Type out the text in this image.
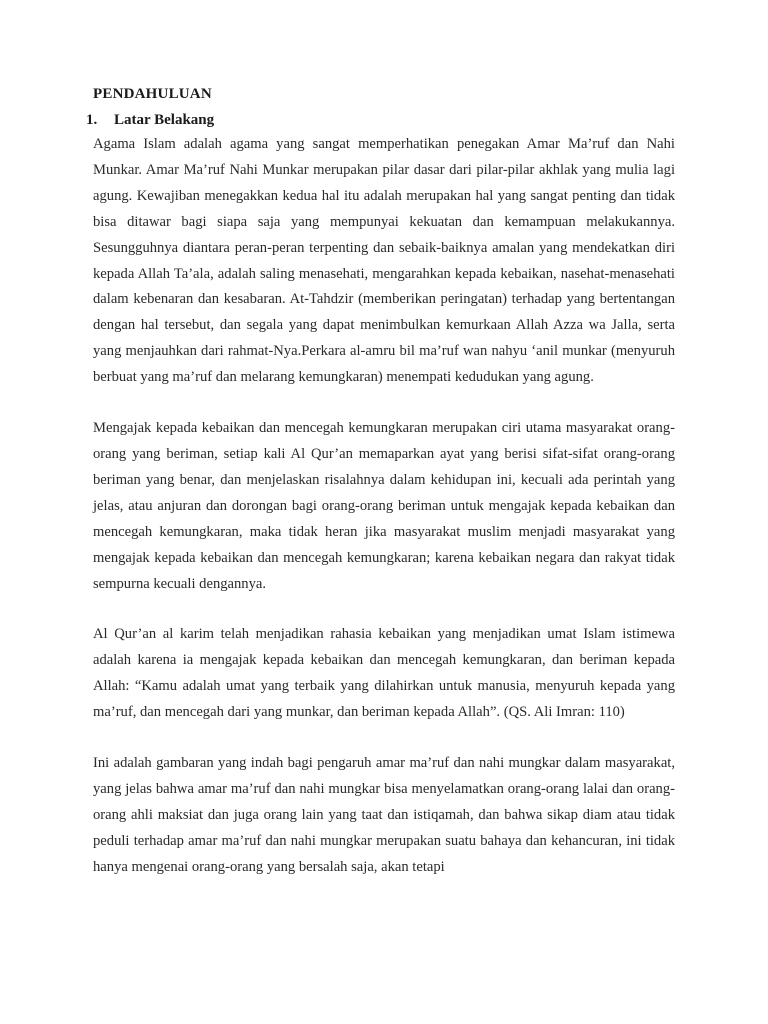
PENDAHULUAN
1. Latar Belakang

Agama Islam adalah agama yang sangat memperhatikan penegakan Amar Ma’ruf dan Nahi Munkar. Amar Ma’ruf Nahi Munkar merupakan pilar dasar dari pilar-pilar akhlak yang mulia lagi agung. Kewajiban menegakkan kedua hal itu adalah merupakan hal yang sangat penting dan tidak bisa ditawar bagi siapa saja yang mempunyai kekuatan dan kemampuan melakukannya. Sesungguhnya diantara peran-peran terpenting dan sebaik-baiknya amalan yang mendekatkan diri kepada Allah Ta’ala, adalah saling menasehati, mengarahkan kepada kebaikan, nasehat-menasehati dalam kebenaran dan kesabaran. At-Tahdzir (memberikan peringatan) terhadap yang bertentangan dengan hal tersebut, dan segala yang dapat menimbulkan kemurkaan Allah Azza wa Jalla, serta yang menjauhkan dari rahmat-Nya.Perkara al-amru bil ma’ruf wan nahyu ‘anil munkar (menyuruh berbuat yang ma’ruf dan melarang kemungkaran) menempati kedudukan yang agung.

Mengajak kepada kebaikan dan mencegah kemungkaran merupakan ciri utama masyarakat orang-orang yang beriman, setiap kali Al Qur’an memaparkan ayat yang berisi sifat-sifat orang-orang beriman yang benar, dan menjelaskan risalahnya dalam kehidupan ini, kecuali ada perintah yang jelas, atau anjuran dan dorongan bagi orang-orang beriman untuk mengajak kepada kebaikan dan mencegah kemungkaran, maka tidak heran jika masyarakat muslim menjadi masyarakat yang mengajak kepada kebaikan dan mencegah kemungkaran; karena kebaikan negara dan rakyat tidak sempurna kecuali dengannya.

Al Qur’an al karim telah menjadikan rahasia kebaikan yang menjadikan umat Islam istimewa adalah karena ia mengajak kepada kebaikan dan mencegah kemungkaran, dan beriman kepada Allah: “Kamu adalah umat yang terbaik yang dilahirkan untuk manusia, menyuruh kepada yang ma’ruf, dan mencegah dari yang munkar, dan beriman kepada Allah”. (QS. Ali Imran: 110)

Ini adalah gambaran yang indah bagi pengaruh amar ma’ruf dan nahi mungkar dalam masyarakat, yang jelas bahwa amar ma’ruf dan nahi mungkar bisa menyelamatkan orang-orang lalai dan orang-orang ahli maksiat dan juga orang lain yang taat dan istiqamah, dan bahwa sikap diam atau tidak peduli terhadap amar ma’ruf dan nahi mungkar merupakan suatu bahaya dan kehancuran, ini tidak hanya mengenai orang-orang yang bersalah saja, akan tetapi
